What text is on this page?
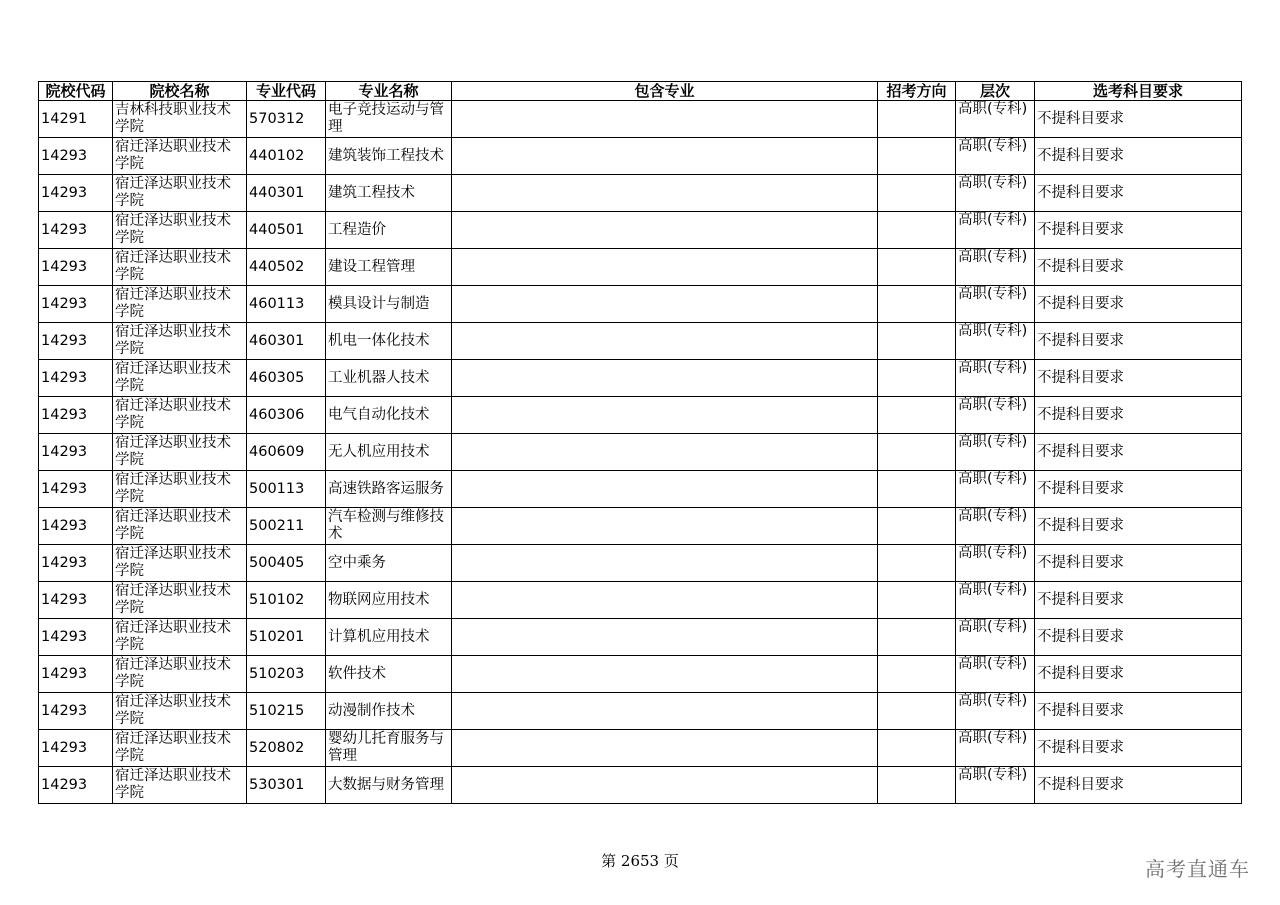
院校代码	院校名称	专业代码	专业名称	包含专业	招考方向	层次	选考科目要求
14291	吉林科技职业技术学院	570312	电子竞技运动与管理			高职(专科)	不提科目要求
14293	宿迁泽达职业技术学院	440102	建筑装饰工程技术			高职(专科)	不提科目要求
14293	宿迁泽达职业技术学院	440301	建筑工程技术			高职(专科)	不提科目要求
14293	宿迁泽达职业技术学院	440501	工程造价			高职(专科)	不提科目要求
14293	宿迁泽达职业技术学院	440502	建设工程管理			高职(专科)	不提科目要求
14293	宿迁泽达职业技术学院	460113	模具设计与制造			高职(专科)	不提科目要求
14293	宿迁泽达职业技术学院	460301	机电一体化技术			高职(专科)	不提科目要求
14293	宿迁泽达职业技术学院	460305	工业机器人技术			高职(专科)	不提科目要求
14293	宿迁泽达职业技术学院	460306	电气自动化技术			高职(专科)	不提科目要求
14293	宿迁泽达职业技术学院	460609	无人机应用技术			高职(专科)	不提科目要求
14293	宿迁泽达职业技术学院	500113	高速铁路客运服务			高职(专科)	不提科目要求
14293	宿迁泽达职业技术学院	500211	汽车检测与维修技术			高职(专科)	不提科目要求
14293	宿迁泽达职业技术学院	500405	空中乘务			高职(专科)	不提科目要求
14293	宿迁泽达职业技术学院	510102	物联网应用技术			高职(专科)	不提科目要求
14293	宿迁泽达职业技术学院	510201	计算机应用技术			高职(专科)	不提科目要求
14293	宿迁泽达职业技术学院	510203	软件技术			高职(专科)	不提科目要求
14293	宿迁泽达职业技术学院	510215	动漫制作技术			高职(专科)	不提科目要求
14293	宿迁泽达职业技术学院	520802	婴幼儿托育服务与管理			高职(专科)	不提科目要求
14293	宿迁泽达职业技术学院	530301	大数据与财务管理			高职(专科)	不提科目要求
第 2653 页	高考直通车
